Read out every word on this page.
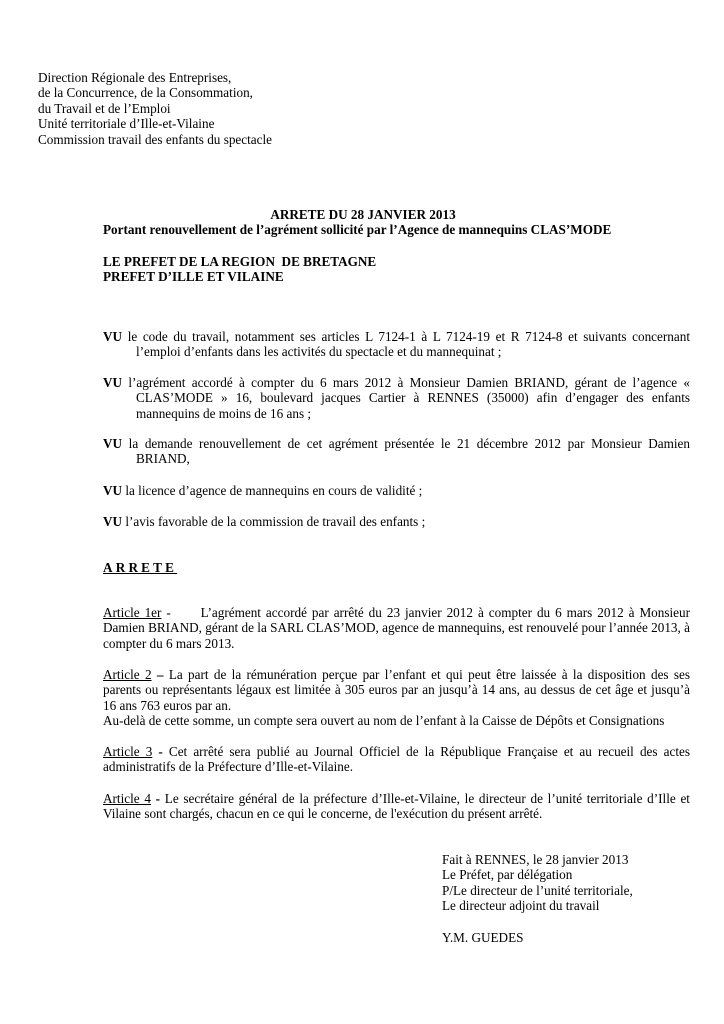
Direction Régionale des Entreprises,
de la Concurrence, de la Consommation,
du Travail et de l’Emploi
Unité territoriale d’Ille-et-Vilaine
Commission travail des enfants du spectacle
ARRETE DU 28 JANVIER 2013
Portant renouvellement de l’agrément sollicité par l’Agence de mannequins CLAS’MODE
LE PREFET DE LA REGION  DE BRETAGNE
PREFET D’ILLE ET VILAINE
VU le code du travail, notamment ses articles L 7124-1 à L 7124-19 et R 7124-8 et suivants concernant l’emploi d’enfants dans les activités du spectacle et du mannequinat ;
VU l’agrément accordé à compter du 6 mars 2012 à Monsieur Damien BRIAND, gérant de l’agence « CLAS’MODE » 16, boulevard jacques Cartier à RENNES (35000) afin d’engager des enfants mannequins de moins de 16 ans ;
VU la demande renouvellement de cet agrément présentée le 21 décembre 2012 par Monsieur Damien BRIAND,
VU la licence d’agence de mannequins en cours de validité ;
VU l’avis favorable de la commission de travail des enfants ;
ARRETE
Article 1er -      L’agrément accordé par arrêté du 23 janvier 2012 à compter du 6 mars 2012 à Monsieur Damien BRIAND, gérant de la SARL CLAS’MOD, agence de mannequins, est renouvelé pour l’année 2013, à compter du 6 mars 2013.
Article 2 – La part de la rémunération perçue par l’enfant et qui peut être laissée à la disposition des ses parents ou représentants légaux est limitée à 305 euros par an jusqu’à 14 ans, au dessus de cet âge et jusqu’à 16 ans 763 euros par an.
Au-delà de cette somme, un compte sera ouvert au nom de l’enfant à la Caisse de Dépôts et Consignations
Article 3 - Cet arrêté sera publié au Journal Officiel de la République Française et au recueil des actes administratifs de la Préfecture d’Ille-et-Vilaine.
Article 4 - Le secrétaire général de la préfecture d’Ille-et-Vilaine, le directeur de l’unité territoriale d’Ille et Vilaine sont chargés, chacun en ce qui le concerne, de l'exécution du présent arrêté.
Fait à RENNES, le 28 janvier 2013
Le Préfet, par délégation
P/Le directeur de l’unité territoriale,
Le directeur adjoint du travail
Y.M. GUEDES
